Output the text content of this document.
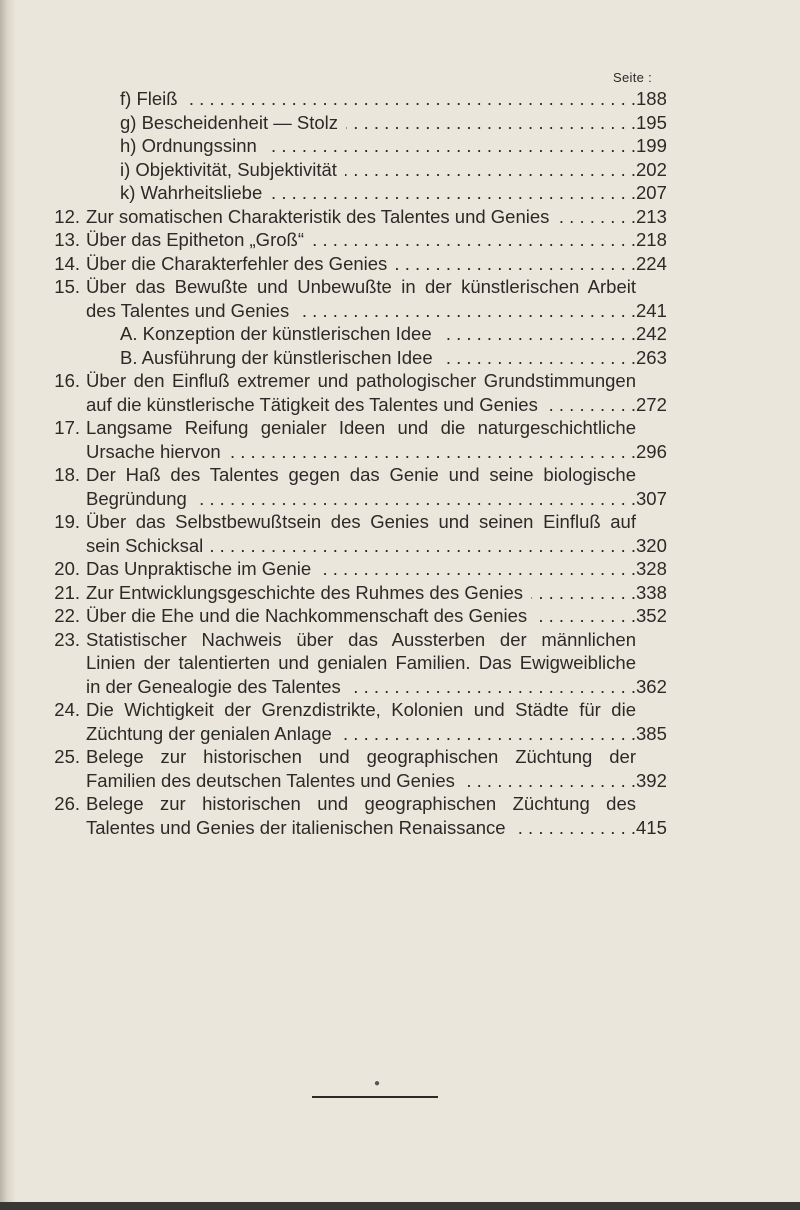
Seite :
f) Fleiß	188
. . .
g) Bescheidenheit — Stolz	195
. . .
h) Ordnungssinn	199
. . .
i) Objektivität, Subjektivität	202
. . .
k) Wahrheitsliebe	207
. . .
12. Zur somatischen Charakteristik des Talentes und Genies	213
. . .
13. Über das Epitheton „Groß“	218
. . .
14. Über die Charakterfehler des Genies	224
. . .
15. Über das Bewußte und Unbewußte in der künstlerischen Arbeit
des Talentes und Genies	241
. . .
A. Konzeption der künstlerischen Idee	242
. . .
B. Ausführung der künstlerischen Idee	263
. . .
16. Über den Einfluß extremer und pathologischer Grundstimmungen
auf die künstlerische Tätigkeit des Talentes und Genies	272
. . .
17. Langsame Reifung genialer Ideen und die naturgeschichtliche
Ursache hiervon	296
. . .
18. Der Haß des Talentes gegen das Genie und seine biologische
Begründung	307
. . .
19. Über das Selbstbewußtsein des Genies und seinen Einfluß auf
sein Schicksal	320
. . .
20. Das Unpraktische im Genie	328
. . .
21. Zur Entwicklungsgeschichte des Ruhmes des Genies	338
. . .
22. Über die Ehe und die Nachkommenschaft des Genies	352
. . .
23. Statistischer Nachweis über das Aussterben der männlichen
Linien der talentierten und genialen Familien. Das Ewigweibliche
in der Genealogie des Talentes	362
. . .
24. Die Wichtigkeit der Grenzdistrikte, Kolonien und Städte für die
Züchtung der genialen Anlage	385
. . .
25. Belege zur historischen und geographischen Züchtung der
Familien des deutschen Talentes und Genies	392
. . .
26. Belege zur historischen und geographischen Züchtung des
Talentes und Genies der italienischen Renaissance	415
. . .
●
